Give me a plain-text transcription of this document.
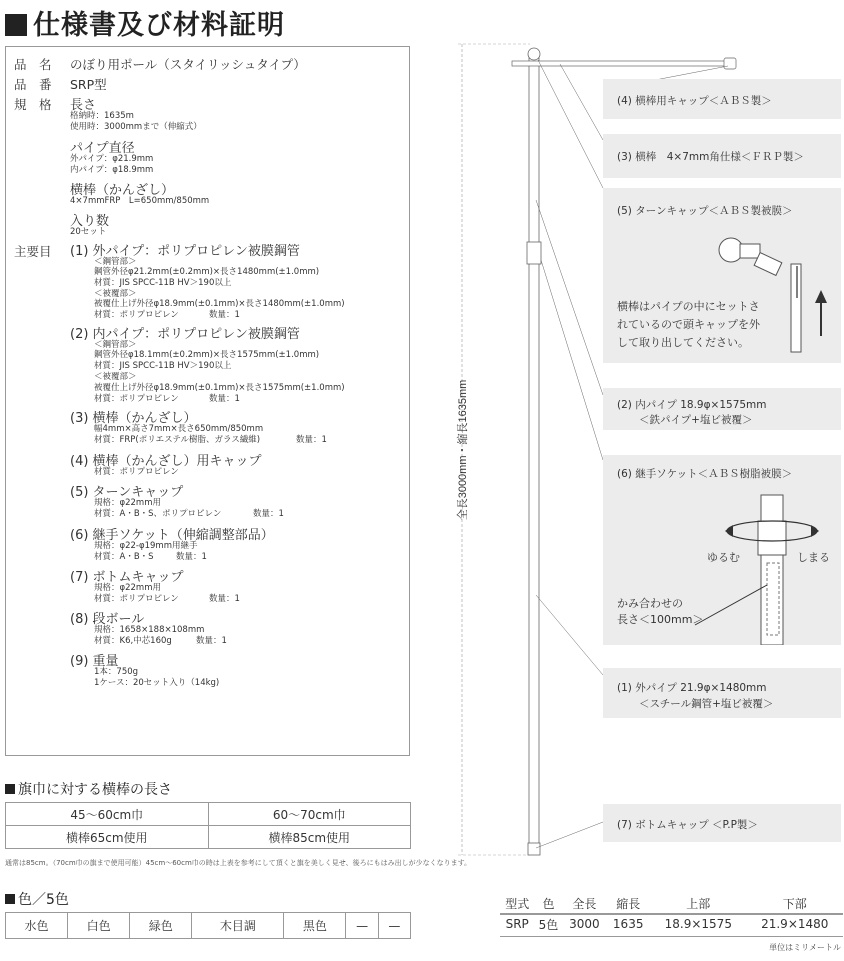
仕様書及び材料証明
品　名 のぼり用ポール（スタイリッシュタイプ）
品　番 SRP型
規　格 長さ
格納時：1635m
使用時：3000mmまで（伸縮式）
パイプ直径
外パイプ：φ21.9mm
内パイプ：φ18.9mm
横棒（かんざし）
4×7mmFRP　L=650mm/850mm
入り数
20セット
主要目 (1) 外パイプ：ポリプロピレン被膜鋼管
＜鋼管部＞
鋼管外径φ21.2mm(±0.2mm)×長さ1480mm(±1.0mm)
材質：JIS SPCC-11B HV＞190以上
＜被覆部＞
被覆仕上げ外径φ18.9mm(±0.1mm)×長さ1480mm(±1.0mm)
材質：ポリプロピレン	数量：1
(2) 内パイプ：ポリプロピレン被膜鋼管
＜鋼管部＞
鋼管外径φ18.1mm(±0.2mm)×長さ1575mm(±1.0mm)
材質：JIS SPCC-11B HV＞190以上
＜被覆部＞
被覆仕上げ外径φ18.9mm(±0.1mm)×長さ1575mm(±1.0mm)
材質：ポリプロピレン	数量：1
(3) 横棒（かんざし）
幅4mm×高さ7mm×長さ650mm/850mm
材質：FRP(ポリエステル樹脂、ガラス繊維)	数量：1
(4) 横棒（かんざし）用キャップ
材質：ポリプロピレン
(5) ターンキャップ
規格：φ22mm用
材質：A・B・S、ポリプロピレン	数量：1
(6) 継手ソケット（伸縮調整部品）
規格：φ22-φ19mm用継手
材質：A・B・S	数量：1
(7) ボトムキャップ
規格：φ22mm用
材質：ポリプロピレン	数量：1
(8) 段ボール
規格：1658×188×108mm
材質：K6,中芯160g	数量：1
(9) 重量
1本：750g
1ケース：20セット入り（14kg)
旗巾に対する横棒の長さ
45〜60cm巾	60〜70cm巾
横棒65cm使用	横棒85cm使用
通常は85cm。（70cm巾の旗まで使用可能）45cm〜60cm巾の時は上表を参考にして頂くと旗を美しく見せ、後ろにもはみ出しが少なくなります。
色／5色
水色	白色	緑色	木目調	黒色	—	—
全長3000mm・縮長1635mm
(4) 横棒用キャップ＜ＡＢＳ製＞
(3) 横棒　4×7mm角仕様＜ＦＲＰ製＞
(5) ターンキャップ＜ＡＢＳ製被膜＞
横棒はパイプの中にセットさ
れているので頭キャップを外
して取り出してください。
(2) 内パイプ 18.9φ×1575mm
＜鉄パイプ+塩ビ被覆＞
(6) 継手ソケット＜ＡＢＳ樹脂被膜＞
ゆるむ	しまる
かみ合わせの
長さ＜100mm＞
(1) 外パイプ 21.9φ×1480mm
＜スチール鋼管+塩ビ被覆＞
(7) ボトムキャップ ＜P.P製＞
型式	色	全長	縮長	上部	下部
SRP	5色	3000	1635	18.9×1575	21.9×1480
単位はミリメートル
